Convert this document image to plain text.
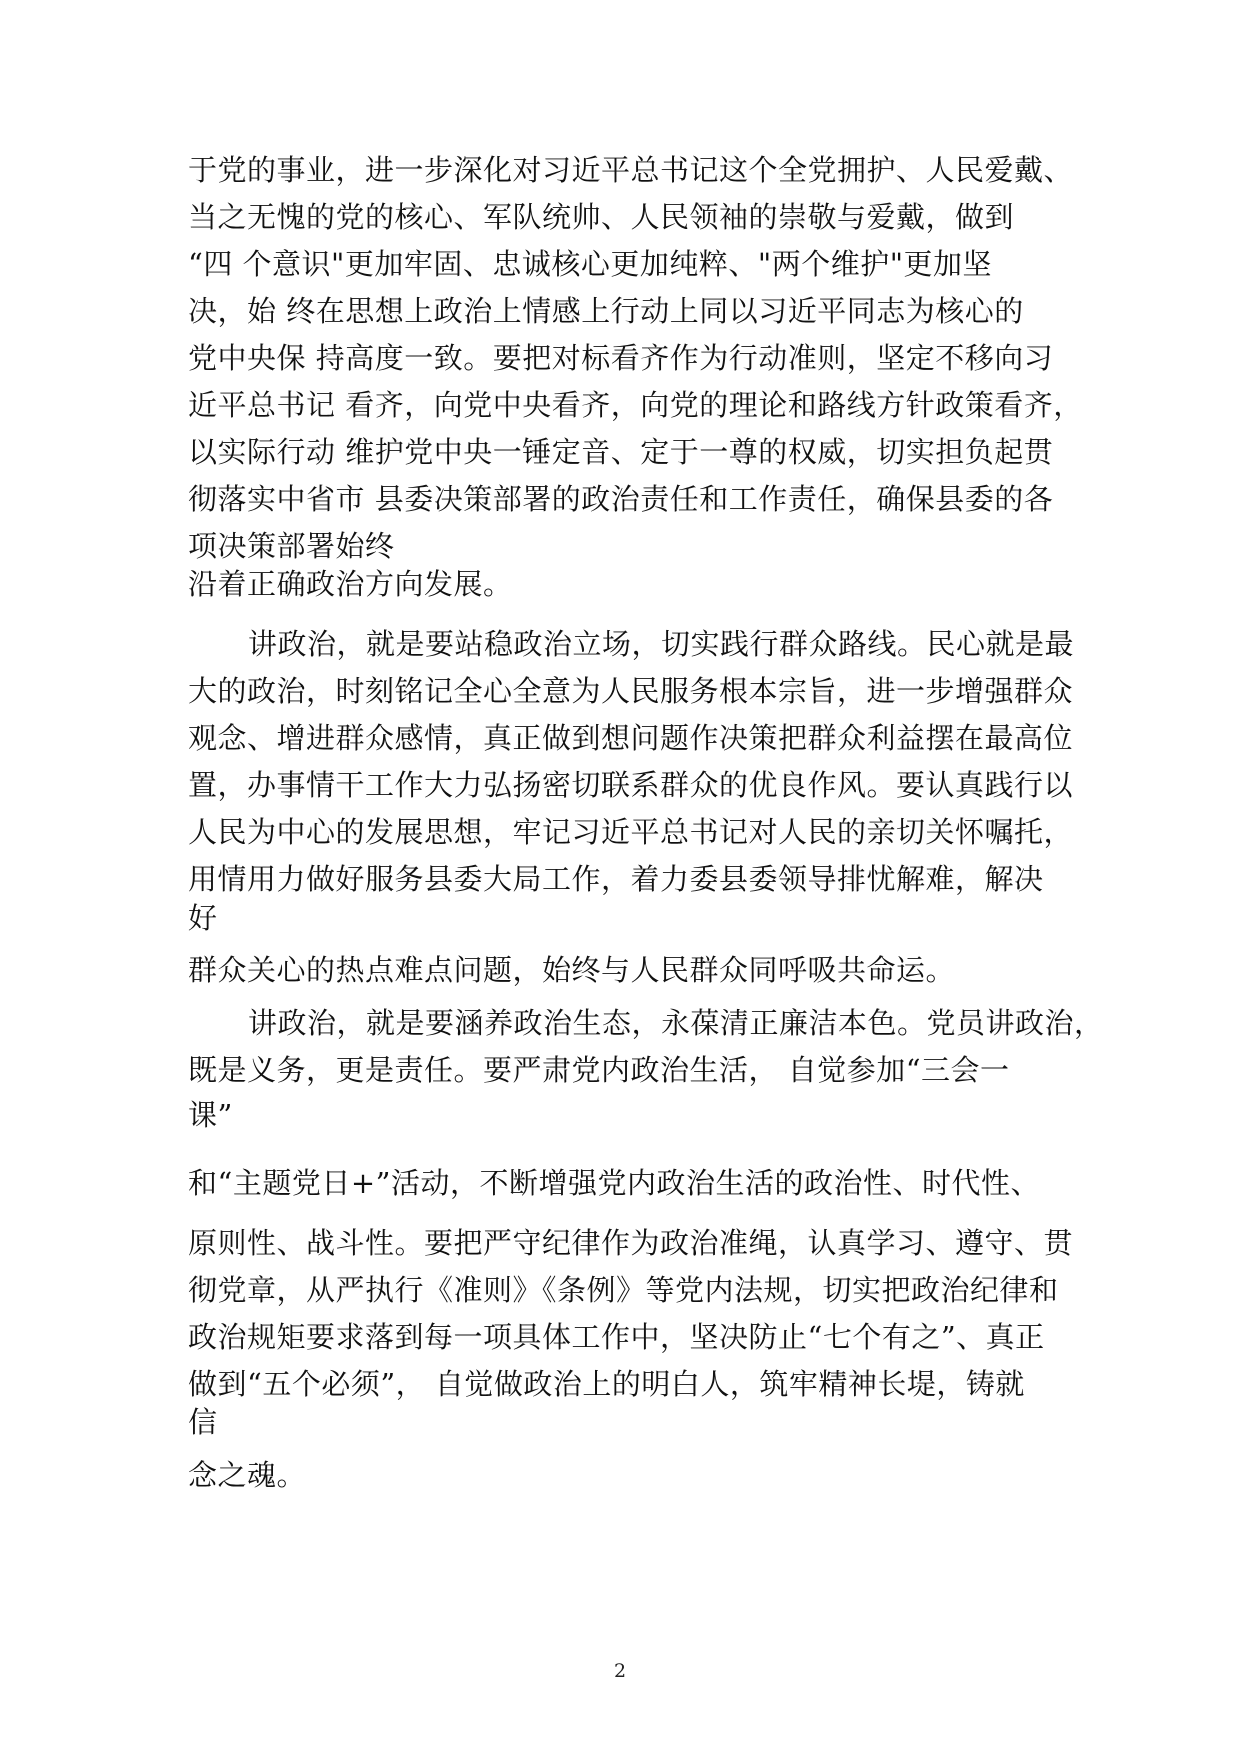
于党的事业，进一步深化对习近平总书记这个全党拥护、人民爱戴、
当之无愧的党的核心、军队统帅、人民领袖的崇敬与爱戴，做到
“四 个意识"更加牢固、忠诚核心更加纯粹、"两个维护"更加坚
决，始 终在思想上政治上情感上行动上同以习近平同志为核心的
党中央保 持高度一致。要把对标看齐作为行动准则，坚定不移向习
近平总书记 看齐，向党中央看齐，向党的理论和路线方针政策看齐，
以实际行动 维护党中央一锤定音、定于一尊的权威，切实担负起贯
彻落实中省市 县委决策部署的政治责任和工作责任，确保县委的各
项决策部署始终
沿着正确政治方向发展。
讲政治，就是要站稳政治立场，切实践行群众路线。民心就是最
大的政治，时刻铭记全心全意为人民服务根本宗旨，进一步增强群众
观念、增进群众感情，真正做到想问题作决策把群众利益摆在最高位
置，办事情干工作大力弘扬密切联系群众的优良作风。要认真践行以
人民为中心的发展思想，牢记习近平总书记对人民的亲切关怀嘱托，
用情用力做好服务县委大局工作，着力委县委领导排忧解难，解决
好
群众关心的热点难点问题，始终与人民群众同呼吸共命运。
讲政治，就是要涵养政治生态，永葆清正廉洁本色。党员讲政治，
既是义务，更是责任。要严肃党内政治生活， 自觉参加“三会一
课”
和“主题党日+”活动，不断增强党内政治生活的政治性、时代性、
原则性、战斗性。要把严守纪律作为政治准绳，认真学习、遵守、贯
彻党章，从严执行《准则》《条例》等党内法规，切实把政治纪律和
政治规矩要求落到每一项具体工作中，坚决防止“七个有之”、真正
做到“五个必须”， 自觉做政治上的明白人，筑牢精神长堤，铸就
信
念之魂。
2
